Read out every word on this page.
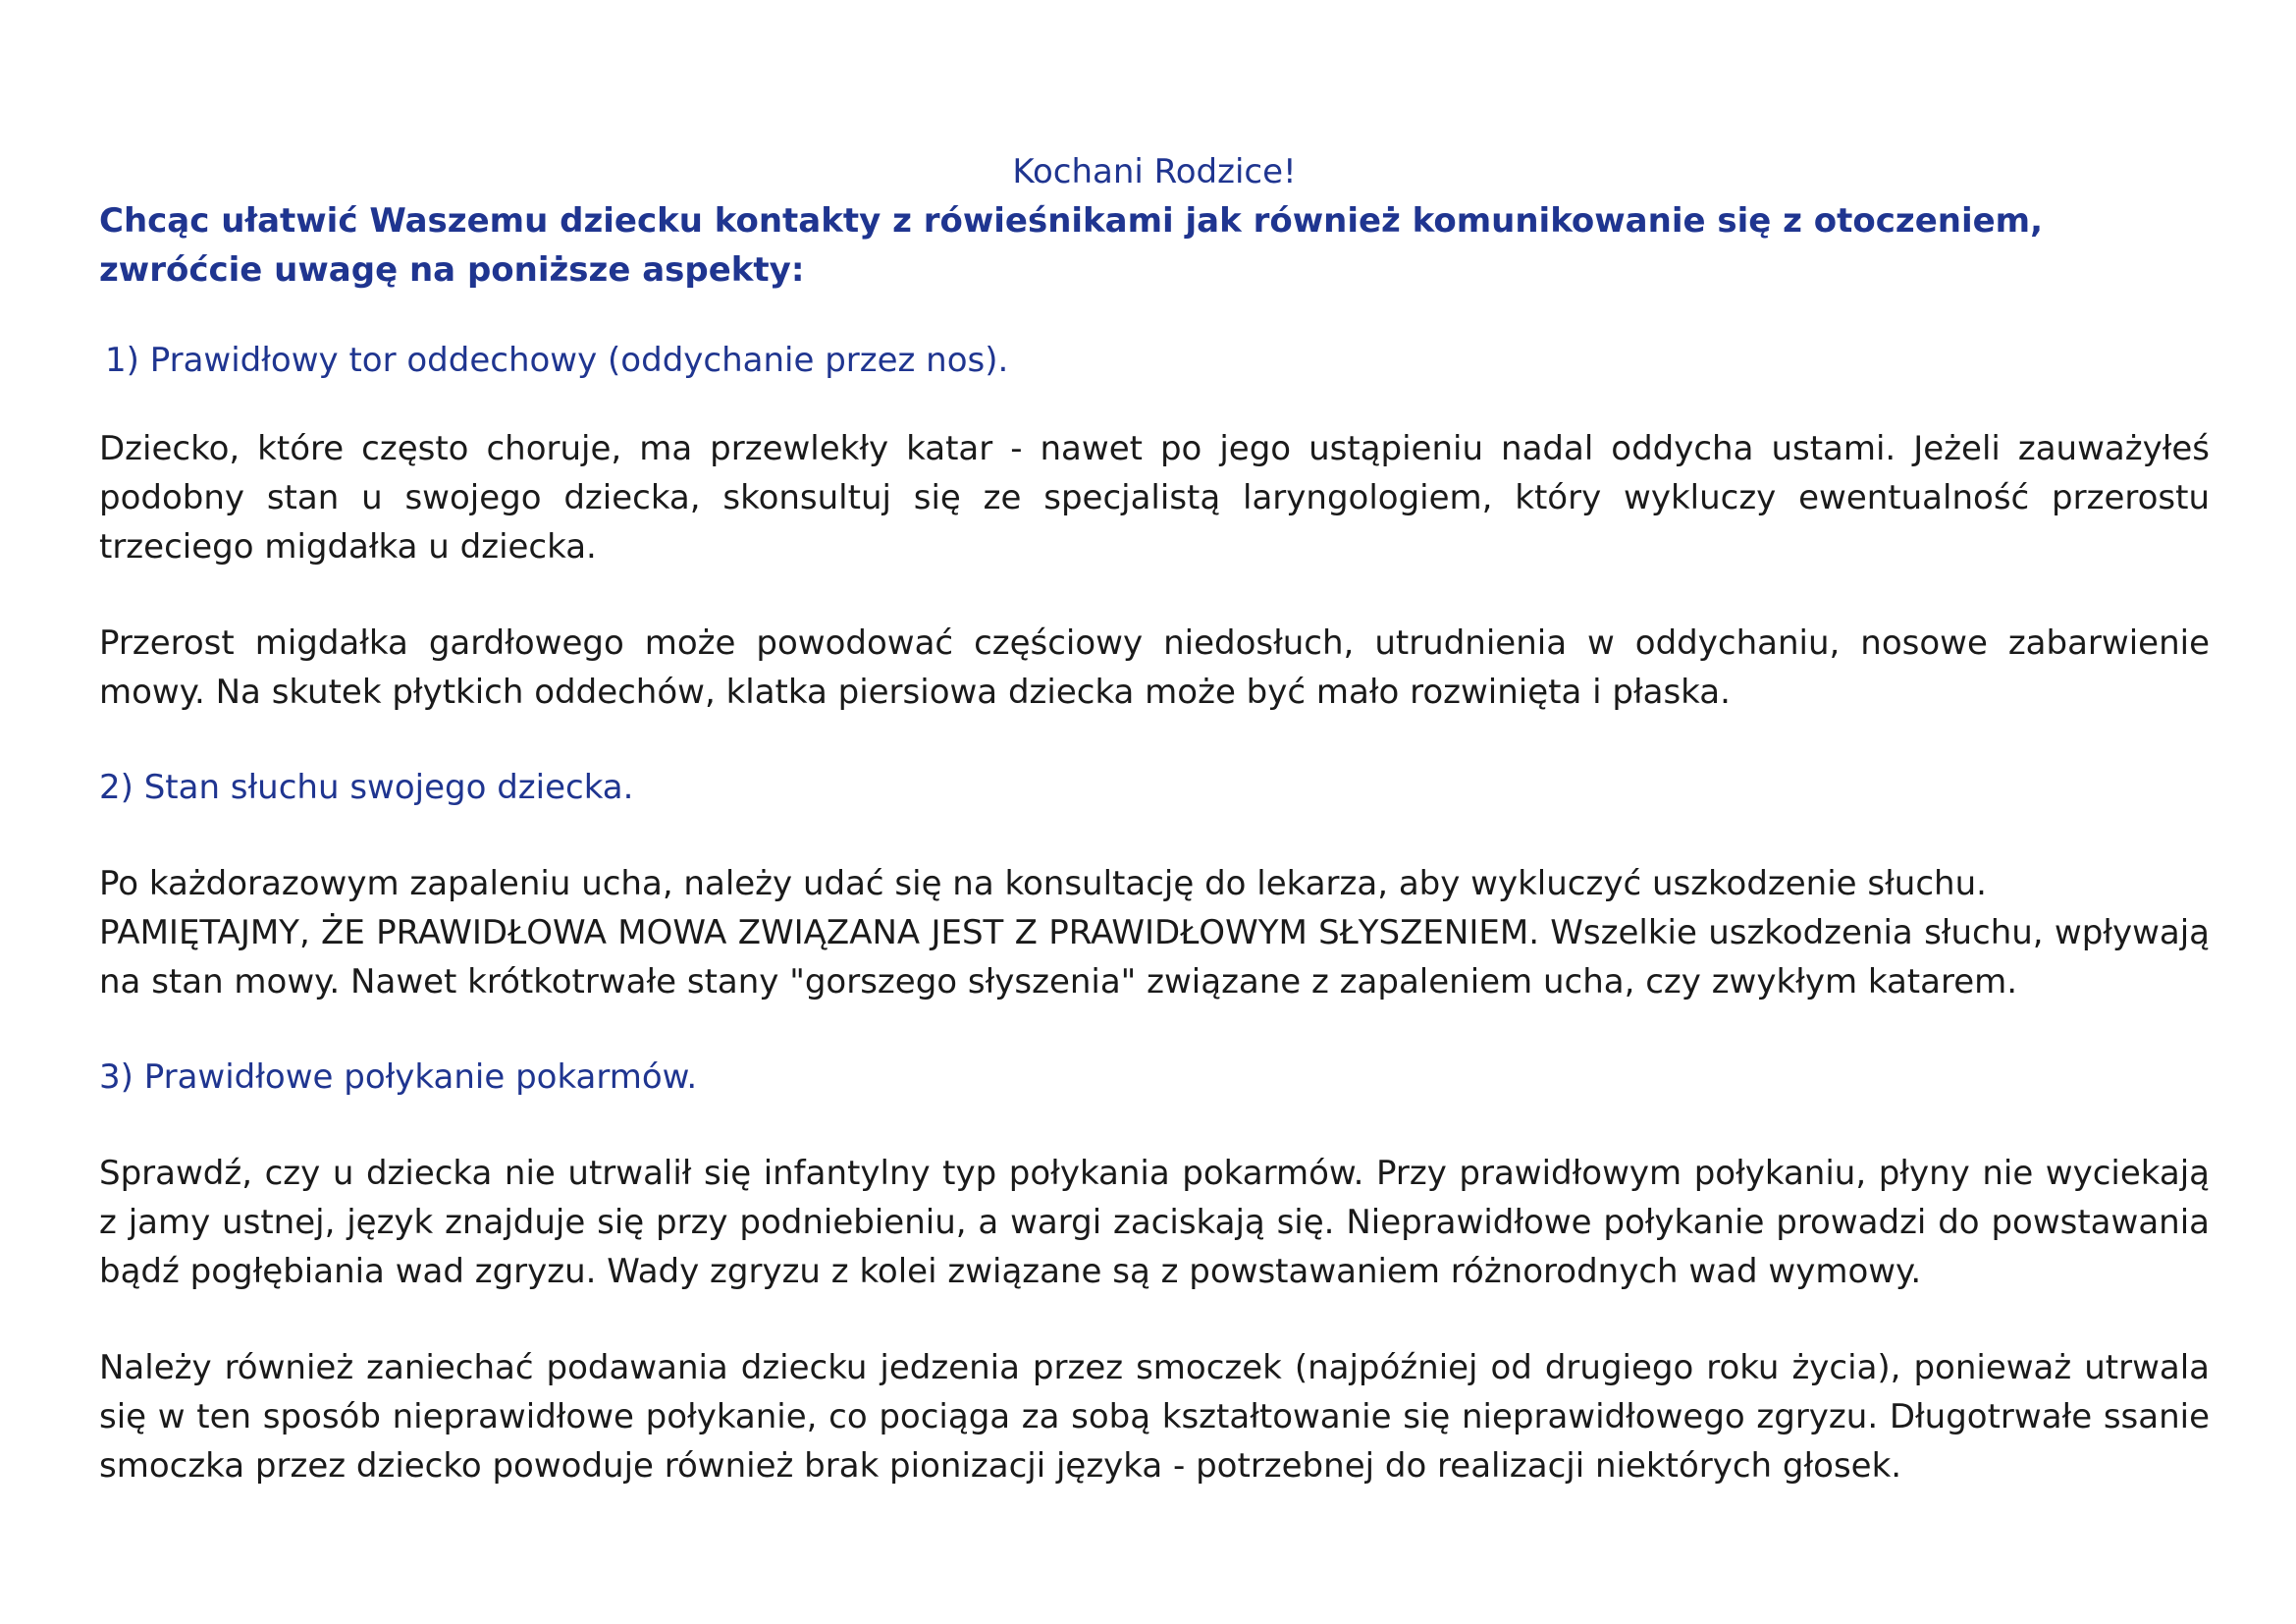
Kochani Rodzice!

Chcąc ułatwić Waszemu dziecku kontakty z rówieśnikami jak również komunikowanie się z otoczeniem, zwróćcie uwagę na poniższe aspekty:

1) Prawidłowy tor oddechowy (oddychanie przez nos).

Dziecko, które często choruje, ma przewlekły katar - nawet po jego ustąpieniu nadal oddycha ustami. Jeżeli zauważyłeś podobny stan u swojego dziecka, skonsultuj się ze specjalistą laryngologiem, który wykluczy ewentualność przerostu trzeciego migdałka u dziecka.

Przerost migdałka gardłowego może powodować częściowy niedosłuch, utrudnienia w oddychaniu, nosowe zabarwienie mowy. Na skutek płytkich oddechów, klatka piersiowa dziecka może być mało rozwinięta i płaska.

2) Stan słuchu swojego dziecka.

Po każdorazowym zapaleniu ucha, należy udać się na konsultację do lekarza, aby wykluczyć uszkodzenie słuchu.

PAMIĘTAJMY, ŻE PRAWIDŁOWA MOWA ZWIĄZANA JEST Z PRAWIDŁOWYM SŁYSZENIEM. Wszelkie uszkodzenia słuchu, wpływają na stan mowy. Nawet krótkotrwałe stany "gorszego słyszenia" związane z zapaleniem ucha, czy zwykłym katarem.

3) Prawidłowe połykanie pokarmów.

Sprawdź, czy u dziecka nie utrwalił się infantylny typ połykania pokarmów. Przy prawidłowym połykaniu, płyny nie wyciekają z jamy ustnej, język znajduje się przy podniebieniu, a wargi zaciskają się. Nieprawidłowe połykanie prowadzi do powstawania bądź pogłębiania wad zgryzu. Wady zgryzu z kolei związane są z powstawaniem różnorodnych wad wymowy.

Należy również zaniechać podawania dziecku jedzenia przez smoczek (najpóźniej od drugiego roku życia), ponieważ utrwala się w ten sposób nieprawidłowe połykanie, co pociąga za sobą kształtowanie się nieprawidłowego zgryzu. Długotrwałe ssanie smoczka przez dziecko powoduje również brak pionizacji języka - potrzebnej do realizacji niektórych głosek.
